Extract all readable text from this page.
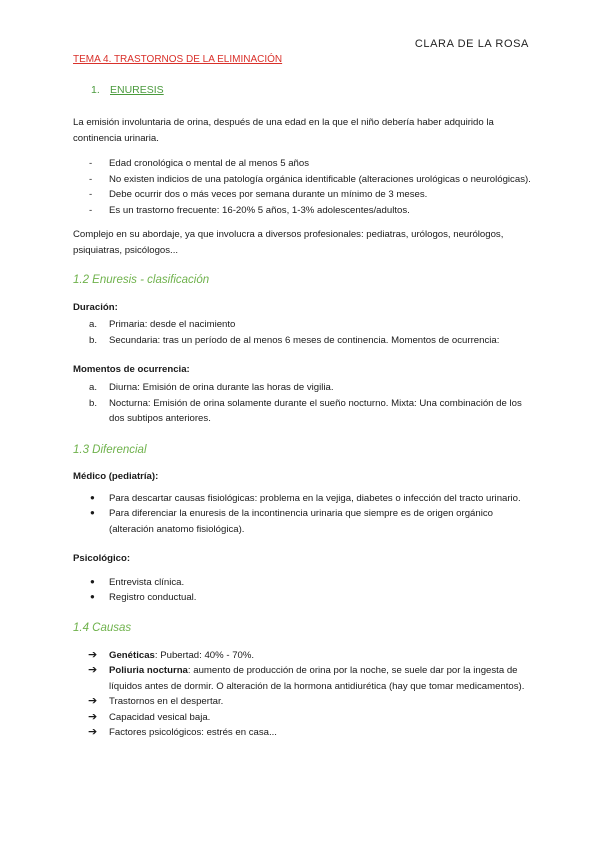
CLARA DE LA ROSA
TEMA 4. TRASTORNOS DE LA ELIMINACIÓN
1. ENURESIS

La emisión involuntaria de orina, después de una edad en la que el niño debería haber adquirido la continencia urinaria.

- Edad cronológica o mental de al menos 5 años
- No existen indicios de una patología orgánica identificable (alteraciones urológicas o neurológicas).
- Debe ocurrir dos o más veces por semana durante un mínimo de 3 meses.
- Es un trastorno frecuente: 16-20% 5 años, 1-3% adolescentes/adultos.

Complejo en su abordaje, ya que involucra a diversos profesionales: pediatras, urólogos, neurólogos, psiquiatras, psicólogos...

1.2 Enuresis - clasificación

Duración:

a. Primaria: desde el nacimiento
b. Secundaria: tras un período de al menos 6 meses de continencia. Momentos de ocurrencia:

Momentos de ocurrencia:

a. Diurna: Emisión de orina durante las horas de vigilia.
b. Nocturna: Emisión de orina solamente durante el sueño nocturno. Mixta: Una combinación de los dos subtipos anteriores.
1.3 Diferencial

Médico (pediatría):

● Para descartar causas fisiológicas: problema en la vejiga, diabetes o infección del tracto urinario.
● Para diferenciar la enuresis de la incontinencia urinaria que siempre es de origen orgánico (alteración anatomo fisiológica).

Psicológico:

● Entrevista clínica.
● Registro conductual.
1.4 Causas
➔ Genéticas: Pubertad: 40% - 70%.
➔ Poliuria nocturna: aumento de producción de orina por la noche, se suele dar por la ingesta de líquidos antes de dormir. O alteración de la hormona antidiurética (hay que tomar medicamentos).
➔ Trastornos en el despertar.
➔ Capacidad vesical baja.
➔ Factores psicológicos: estrés en casa...
